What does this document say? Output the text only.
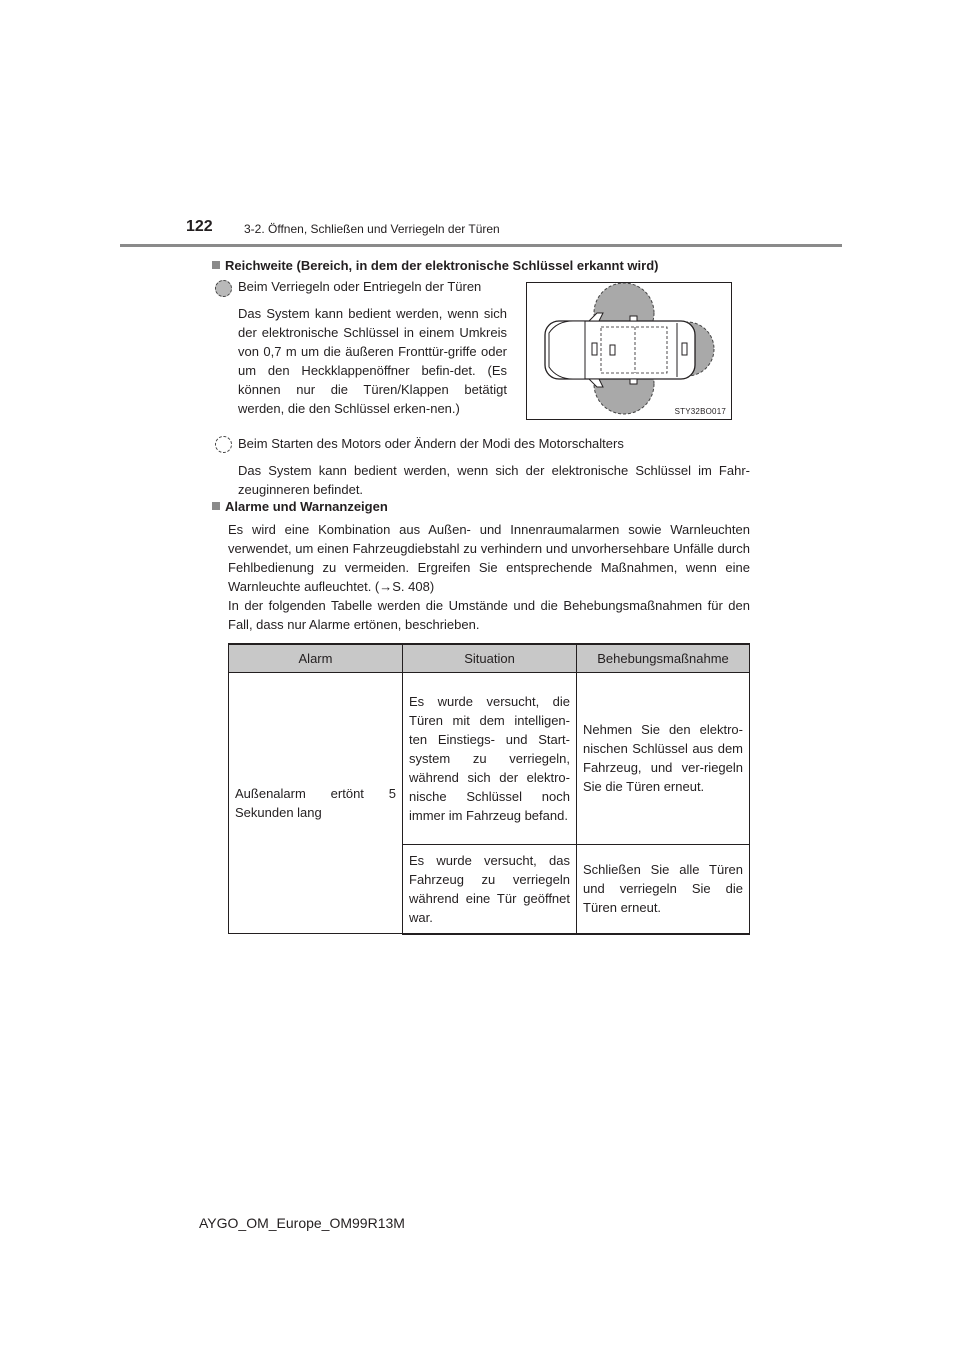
122	3-2. Öffnen, Schließen und Verriegeln der Türen
Reichweite (Bereich, in dem der elektronische Schlüssel erkannt wird)
Beim Verriegeln oder Entriegeln der Türen
Das System kann bedient werden, wenn sich der elektronische Schlüssel in einem Umkreis von 0,7 m um die äußeren Fronttür-griffe oder um den Heckklappenöffner befin-det. (Es können nur die Türen/Klappen betätigt werden, die den Schlüssel erken-nen.)	STY32BO017
Beim Starten des Motors oder Ändern der Modi des Motorschalters
Das System kann bedient werden, wenn sich der elektronische Schlüssel im Fahr-zeuginneren befindet.
Alarme und Warnanzeigen
Es wird eine Kombination aus Außen- und Innenraumalarmen sowie Warnleuchten verwendet, um einen Fahrzeugdiebstahl zu verhindern und unvorhersehbare Unfälle durch Fehlbedienung zu vermeiden. Ergreifen Sie entsprechende Maßnahmen, wenn eine Warnleuchte aufleuchtet. (→S. 408)
In der folgenden Tabelle werden die Umstände und die Behebungsmaßnahmen für den Fall, dass nur Alarme ertönen, beschrieben.
Alarm	Situation	Behebungsmaßnahme
Außenalarm ertönt 5 Sekunden lang	Es wurde versucht, die Türen mit dem intelligen-ten Einstiegs- und Start-system zu verriegeln, während sich der elektro-nische Schlüssel noch immer im Fahrzeug befand.	Nehmen Sie den elektro-nischen Schlüssel aus dem Fahrzeug, und ver-riegeln Sie die Türen erneut.
	Es wurde versucht, das Fahrzeug zu verriegeln während eine Tür geöffnet war.	Schließen Sie alle Türen und verriegeln Sie die Türen erneut.
AYGO_OM_Europe_OM99R13M
